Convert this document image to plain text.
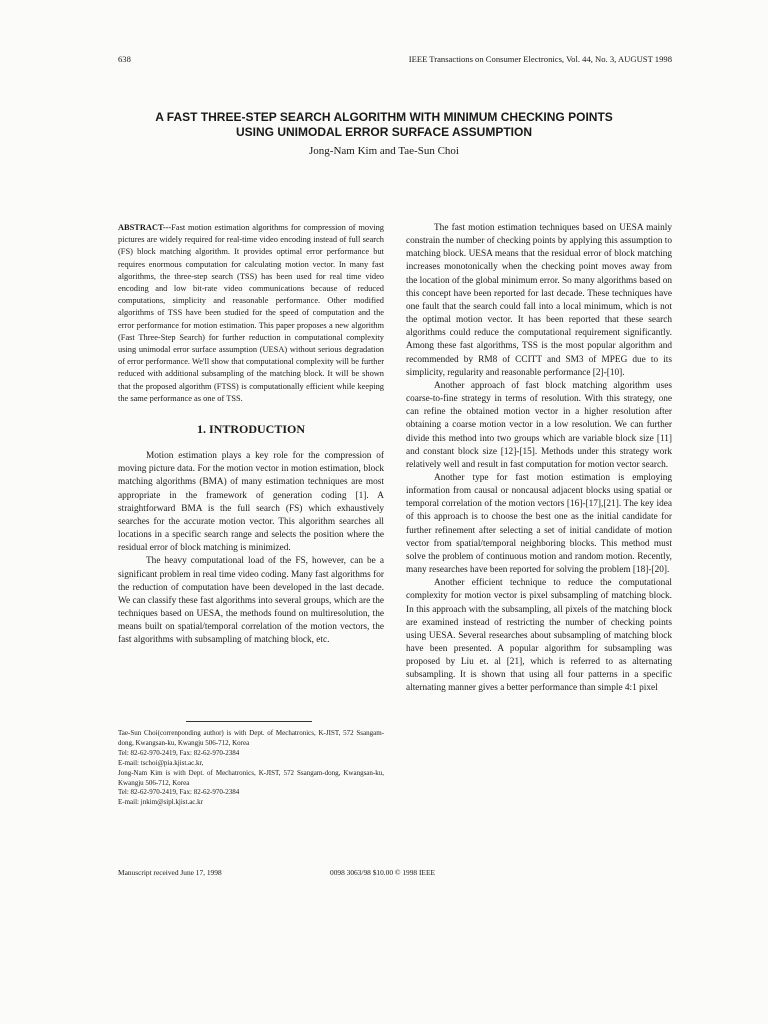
638	IEEE Transactions on Consumer Electronics, Vol. 44, No. 3, AUGUST 1998
A FAST THREE-STEP SEARCH ALGORITHM WITH MINIMUM CHECKING POINTS
USING UNIMODAL ERROR SURFACE ASSUMPTION
Jong-Nam Kim and Tae-Sun Choi

ABSTRACT---Fast motion estimation algorithms for compression of moving pictures are widely required for real-time video encoding instead of full search (FS) block matching algorithm. It provides optimal error performance but requires enormous computation for calculating motion vector. In many fast algorithms, the three-step search (TSS) has been used for real time video encoding and low bit-rate video communications because of reduced computations, simplicity and reasonable performance. Other modified algorithms of TSS have been studied for the speed of computation and the error performance for motion estimation. This paper proposes a new algorithm (Fast Three-Step Search) for further reduction in computational complexity using unimodal error surface assumption (UESA) without serious degradation of error performance. We'll show that computational complexity will be further reduced with additional subsampling of the matching block. It will be shown that the proposed algorithm (FTSS) is computationally efficient while keeping the same performance as one of TSS.

1. INTRODUCTION

Motion estimation plays a key role for the compression of moving picture data. For the motion vector in motion estimation, block matching algorithms (BMA) of many estimation techniques are most appropriate in the framework of generation coding [1]. A straightforward BMA is the full search (FS) which exhaustively searches for the accurate motion vector. This algorithm searches all locations in a specific search range and selects the position where the residual error of block matching is minimized.

The heavy computational load of the FS, however, can be a significant problem in real time video coding. Many fast algorithms for the reduction of computation have been developed in the last decade. We can classify these fast algorithms into several groups, which are the techniques based on UESA, the methods found on multiresolution, the means built on spatial/temporal correlation of the motion vectors, the fast algorithms with subsampling of matching block, etc.

Tae-Sun Choi(correnponding author) is with Dept. of Mechatronics, K-JIST, 572 Ssangam-dong, Kwangsan-ku, Kwangju 506-712, Korea
Tel: 82-62-970-2419, Fax: 82-62-970-2384
E-mail: tschoi@pia.kjist.ac.kr,
Jong-Nam Kim is with Dept. of Mechatronics, K-JIST, 572 Ssangam-dong, Kwangsan-ku, Kwangju 506-712, Korea
Tel: 82-62-970-2419, Fax: 82-62-970-2384
E-mail: jnkim@sipl.kjist.ac.kr

The fast motion estimation techniques based on UESA mainly constrain the number of checking points by applying this assumption to matching block. UESA means that the residual error of block matching increases monotonically when the checking point moves away from the location of the global minimum error. So many algorithms based on this concept have been reported for last decade. These techniques have one fault that the search could fall into a local minimum, which is not the optimal motion vector. It has been reported that these search algorithms could reduce the computational requirement significantly. Among these fast algorithms, TSS is the most popular algorithm and recommended by RM8 of CCITT and SM3 of MPEG due to its simplicity, regularity and reasonable performance [2]-[10].

Another approach of fast block matching algorithm uses coarse-to-fine strategy in terms of resolution. With this strategy, one can refine the obtained motion vector in a higher resolution after obtaining a coarse motion vector in a low resolution. We can further divide this method into two groups which are variable block size [11] and constant block size [12]-[15]. Methods under this strategy work relatively well and result in fast computation for motion vector search.

Another type for fast motion estimation is employing information from causal or noncausal adjacent blocks using spatial or temporal correlation of the motion vectors [16]-[17],[21]. The key idea of this approach is to choose the best one as the initial candidate for further refinement after selecting a set of initial candidate of motion vector from spatial/temporal neighboring blocks. This method must solve the problem of continuous motion and random motion. Recently, many researches have been reported for solving the problem [18]-[20].

Another efficient technique to reduce the computational complexity for motion vector is pixel subsampling of matching block. In this approach with the subsampling, all pixels of the matching block are examined instead of restricting the number of checking points using UESA. Several researches about subsampling of matching block have been presented. A popular algorithm for subsampling was proposed by Liu et. al [21], which is referred to as alternating subsampling. It is shown that using all four patterns in a specific alternating manner gives a better performance than simple 4:1 pixel

Manuscript received June 17, 1998	0098 3063/98 $10.00 © 1998 IEEE
